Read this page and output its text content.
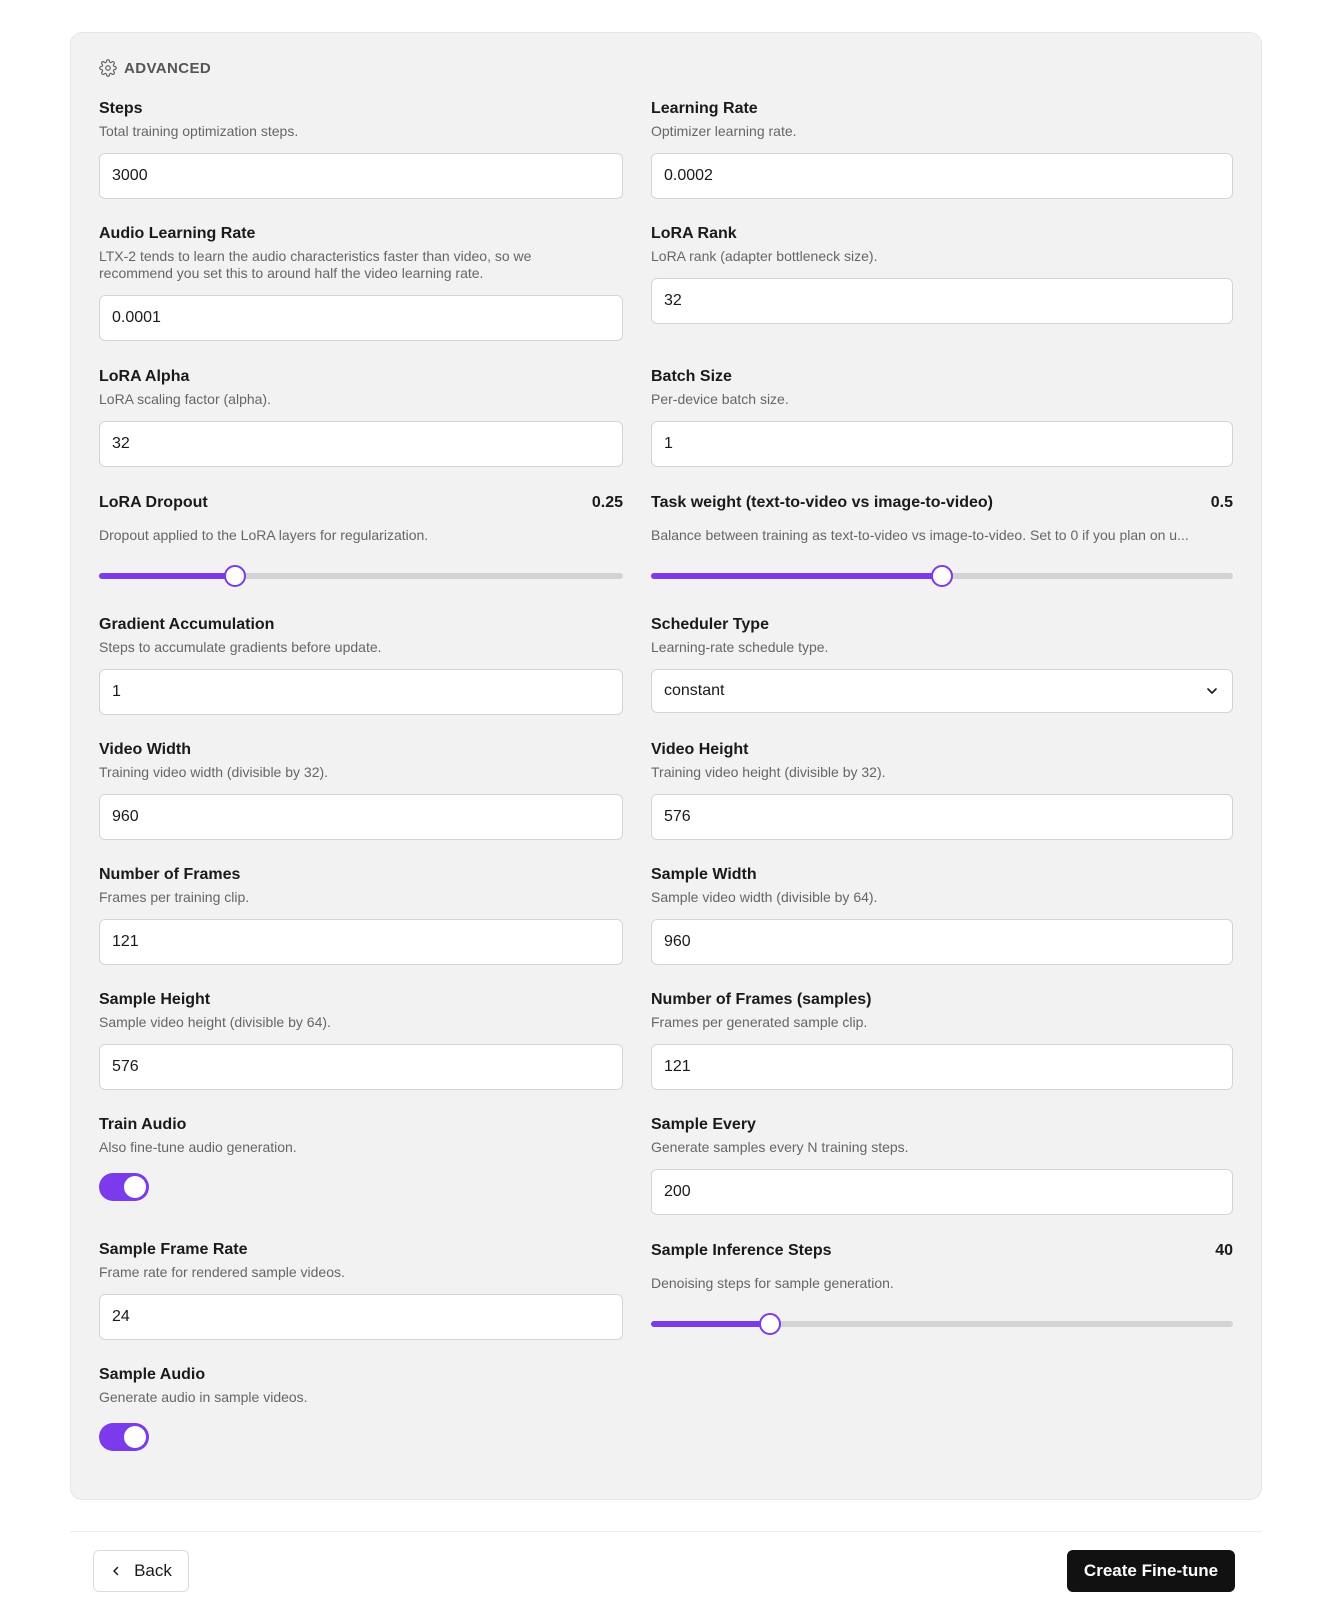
ADVANCED
Steps
Total training optimization steps.
3000
Learning Rate
Optimizer learning rate.
0.0002
Audio Learning Rate
LTX-2 tends to learn the audio characteristics faster than video, so we recommend you set this to around half the video learning rate.
0.0001
LoRA Rank
LoRA rank (adapter bottleneck size).
32
LoRA Alpha
LoRA scaling factor (alpha).
32
Batch Size
Per-device batch size.
1
LoRA Dropout	0.25
Dropout applied to the LoRA layers for regularization.
Task weight (text-to-video vs image-to-video)	0.5
Balance between training as text-to-video vs image-to-video. Set to 0 if you plan on u...
Gradient Accumulation
Steps to accumulate gradients before update.
1
Scheduler Type
Learning-rate schedule type.
constant
Video Width
Training video width (divisible by 32).
960
Video Height
Training video height (divisible by 32).
576
Number of Frames
Frames per training clip.
121
Sample Width
Sample video width (divisible by 64).
960
Sample Height
Sample video height (divisible by 64).
576
Number of Frames (samples)
Frames per generated sample clip.
121
Train Audio
Also fine-tune audio generation.
Sample Every
Generate samples every N training steps.
200
Sample Frame Rate
Frame rate for rendered sample videos.
24
Sample Inference Steps	40
Denoising steps for sample generation.
Sample Audio
Generate audio in sample videos.
Back	Create Fine-tune
